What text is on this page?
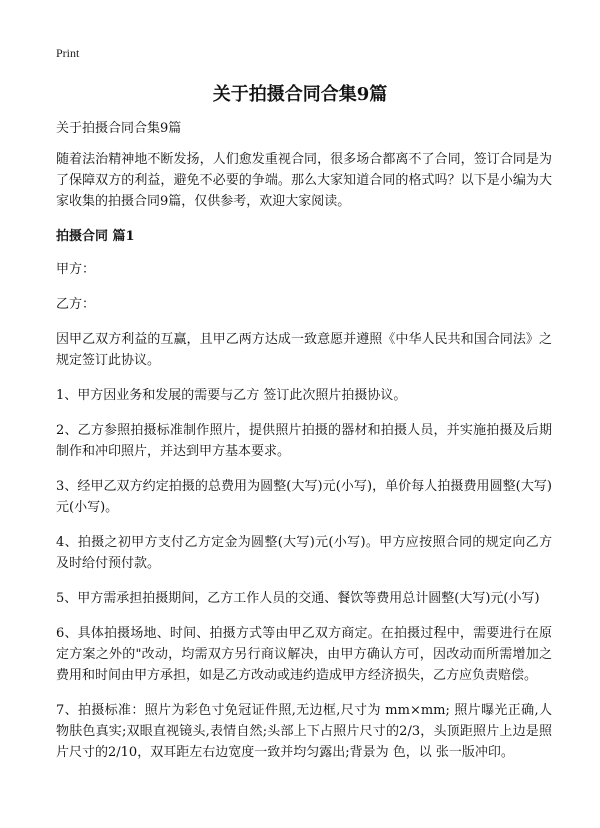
Print
关于拍摄合同合集9篇

关于拍摄合同合集9篇

随着法治精神地不断发扬，人们愈发重视合同，很多场合都离不了合同，签订合同是为了保障双方的利益，避免不必要的争端。那么大家知道合同的格式吗？以下是小编为大家收集的拍摄合同9篇，仅供参考，欢迎大家阅读。

拍摄合同 篇1

甲方：

乙方：

因甲乙双方利益的互赢，且甲乙两方达成一致意愿并遵照《中华人民共和国合同法》之规定签订此协议。

1、甲方因业务和发展的需要与乙方 签订此次照片拍摄协议。

2、乙方参照拍摄标准制作照片，提供照片拍摄的器材和拍摄人员，并实施拍摄及后期制作和冲印照片，并达到甲方基本要求。

3、经甲乙双方约定拍摄的总费用为圆整(大写)元(小写)，单价每人拍摄费用圆整(大写)元(小写)。

4、拍摄之初甲方支付乙方定金为圆整(大写)元(小写)。甲方应按照合同的规定向乙方及时给付预付款。

5、甲方需承担拍摄期间，乙方工作人员的交通、餐饮等费用总计圆整(大写)元(小写)

6、具体拍摄场地、时间、拍摄方式等由甲乙双方商定。在拍摄过程中，需要进行在原定方案之外的"改动，均需双方另行商议解决，由甲方确认方可，因改动而所需增加之费用和时间由甲方承担，如是乙方改动或违约造成甲方经济损失，乙方应负责赔偿。

7、拍摄标准：照片为彩色寸免冠证件照,无边框,尺寸为 mm×mm; 照片曝光正确,人物肤色真实;双眼直视镜头,表情自然;头部上下占照片尺寸的2/3，头顶距照片上边是照片尺寸的2/10，双耳距左右边宽度一致并均匀露出;背景为 色，以 张一版冲印。
